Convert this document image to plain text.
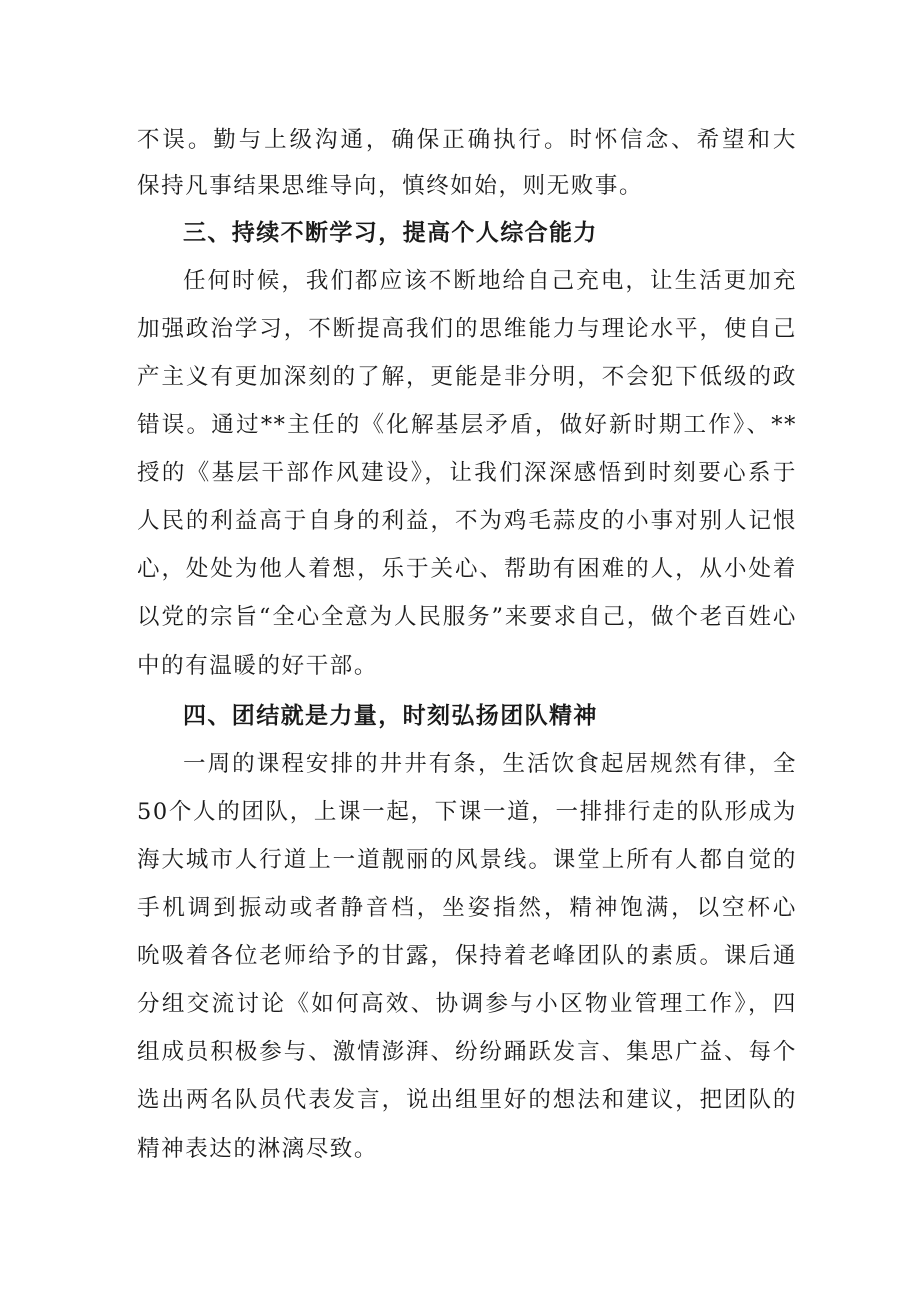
不误。勤与上级沟通，确保正确执行。时怀信念、希望和大
保持凡事结果思维导向，慎终如始，则无败事。
三、持续不断学习，提高个人综合能力
任何时候，我们都应该不断地给自己充电，让生活更加充
加强政治学习，不断提高我们的思维能力与理论水平，使自己
产主义有更加深刻的了解，更能是非分明，不会犯下低级的政
错误。通过**主任的《化解基层矛盾，做好新时期工作》、**
授的《基层干部作风建设》，让我们深深感悟到时刻要心系于
人民的利益高于自身的利益，不为鸡毛蒜皮的小事对别人记恨
心，处处为他人着想，乐于关心、帮助有困难的人，从小处着
以党的宗旨“全心全意为人民服务”来要求自己，做个老百姓心
中的有温暖的好干部。
四、团结就是力量，时刻弘扬团队精神
一周的课程安排的井井有条，生活饮食起居规然有律，全
50个人的团队，上课一起，下课一道，一排排行走的队形成为
海大城市人行道上一道靓丽的风景线。课堂上所有人都自觉的
手机调到振动或者静音档，坐姿指然，精神饱满，以空杯心
吮吸着各位老师给予的甘露，保持着老峰团队的素质。课后通
分组交流讨论《如何高效、协调参与小区物业管理工作》，四
组成员积极参与、激情澎湃、纷纷踊跃发言、集思广益、每个
选出两名队员代表发言，说出组里好的想法和建议，把团队的
精神表达的淋漓尽致。
